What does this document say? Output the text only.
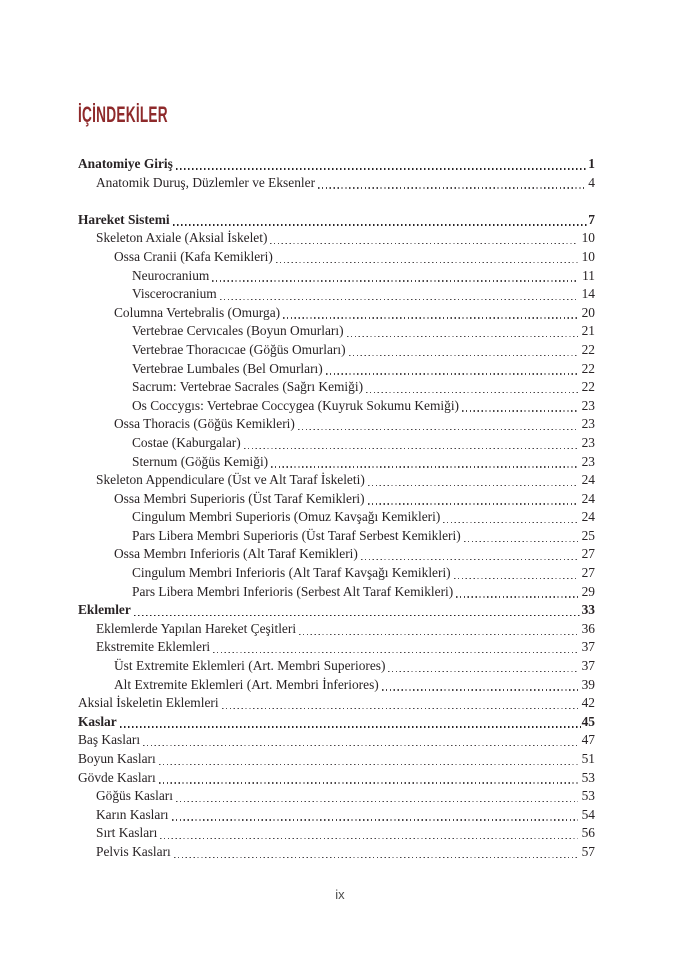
İÇİNDEKİLER
Anatomiye Giriş	1
Anatomik Duruş, Düzlemler ve Eksenler	4
Hareket Sistemi	7
Skeleton Axiale (Aksial İskelet)	10
Ossa Cranii (Kafa Kemikleri)	10
Neurocranium	11
Viscerocranium	14
Columna Vertebralis (Omurga)	20
Vertebrae Cervıcales (Boyun Omurları)	21
Vertebrae Thoracıcae (Göğüs Omurları)	22
Vertebrae Lumbales (Bel Omurları)	22
Sacrum: Vertebrae Sacrales (Sağrı Kemiği)	22
Os Coccygıs: Vertebrae Coccygea (Kuyruk Sokumu Kemiği)	23
Ossa Thoracis (Göğüs Kemikleri)	23
Costae (Kaburgalar)	23
Sternum (Göğüs Kemiği)	23
Skeleton Appendiculare (Üst ve Alt Taraf İskeleti)	24
Ossa Membri Superioris (Üst Taraf Kemikleri)	24
Cingulum Membri Superioris (Omuz Kavşağı Kemikleri)	24
Pars Libera Membri Superioris (Üst Taraf Serbest Kemikleri)	25
Ossa Membrı Inferioris (Alt Taraf Kemikleri)	27
Cingulum Membri Inferioris (Alt Taraf Kavşağı Kemikleri)	27
Pars Libera Membri Inferioris (Serbest Alt Taraf Kemikleri)	29
Eklemler	33
Eklemlerde Yapılan Hareket Çeşitleri	36
Ekstremite Eklemleri	37
Üst Extremite Eklemleri (Art. Membri Superiores)	37
Alt Extremite Eklemleri (Art. Membri İnferiores)	39
Aksial İskeletin Eklemleri	42
Kaslar	45
Baş Kasları	47
Boyun Kasları	51
Gövde Kasları	53
Göğüs Kasları	53
Karın Kasları	54
Sırt Kasları	56
Pelvis Kasları	57
ix
